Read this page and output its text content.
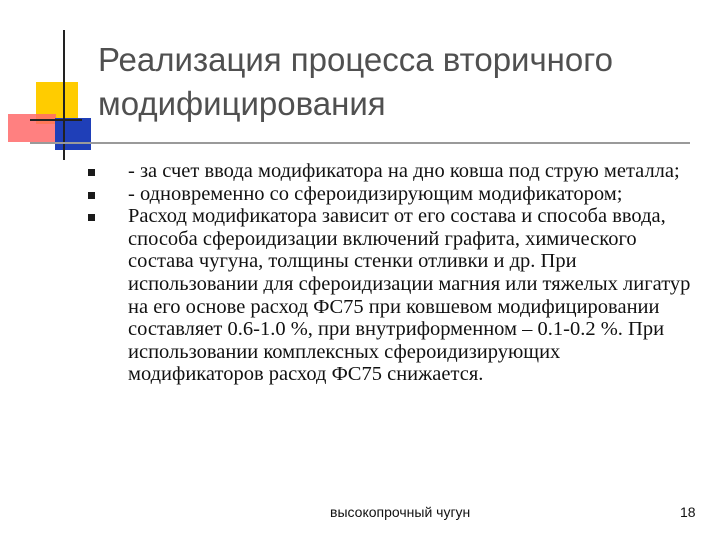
Реализация процесса вторичного модифицирования
- за счет ввода модификатора на дно ковша под струю металла;
- одновременно со сфероидизирующим модификатором;
Расход модификатора зависит от его состава и способа ввода, способа сфероидизации включений графита, химического состава чугуна, толщины стенки отливки и др. При использовании для сфероидизации магния или тяжелых лигатур на его основе расход ФС75 при ковшевом модифицировании составляет 0.6-1.0 %, при внутриформенном – 0.1-0.2 %. При использовании комплексных сфероидизирующих модификаторов расход ФС75 снижается.
высокопрочный чугун	18
